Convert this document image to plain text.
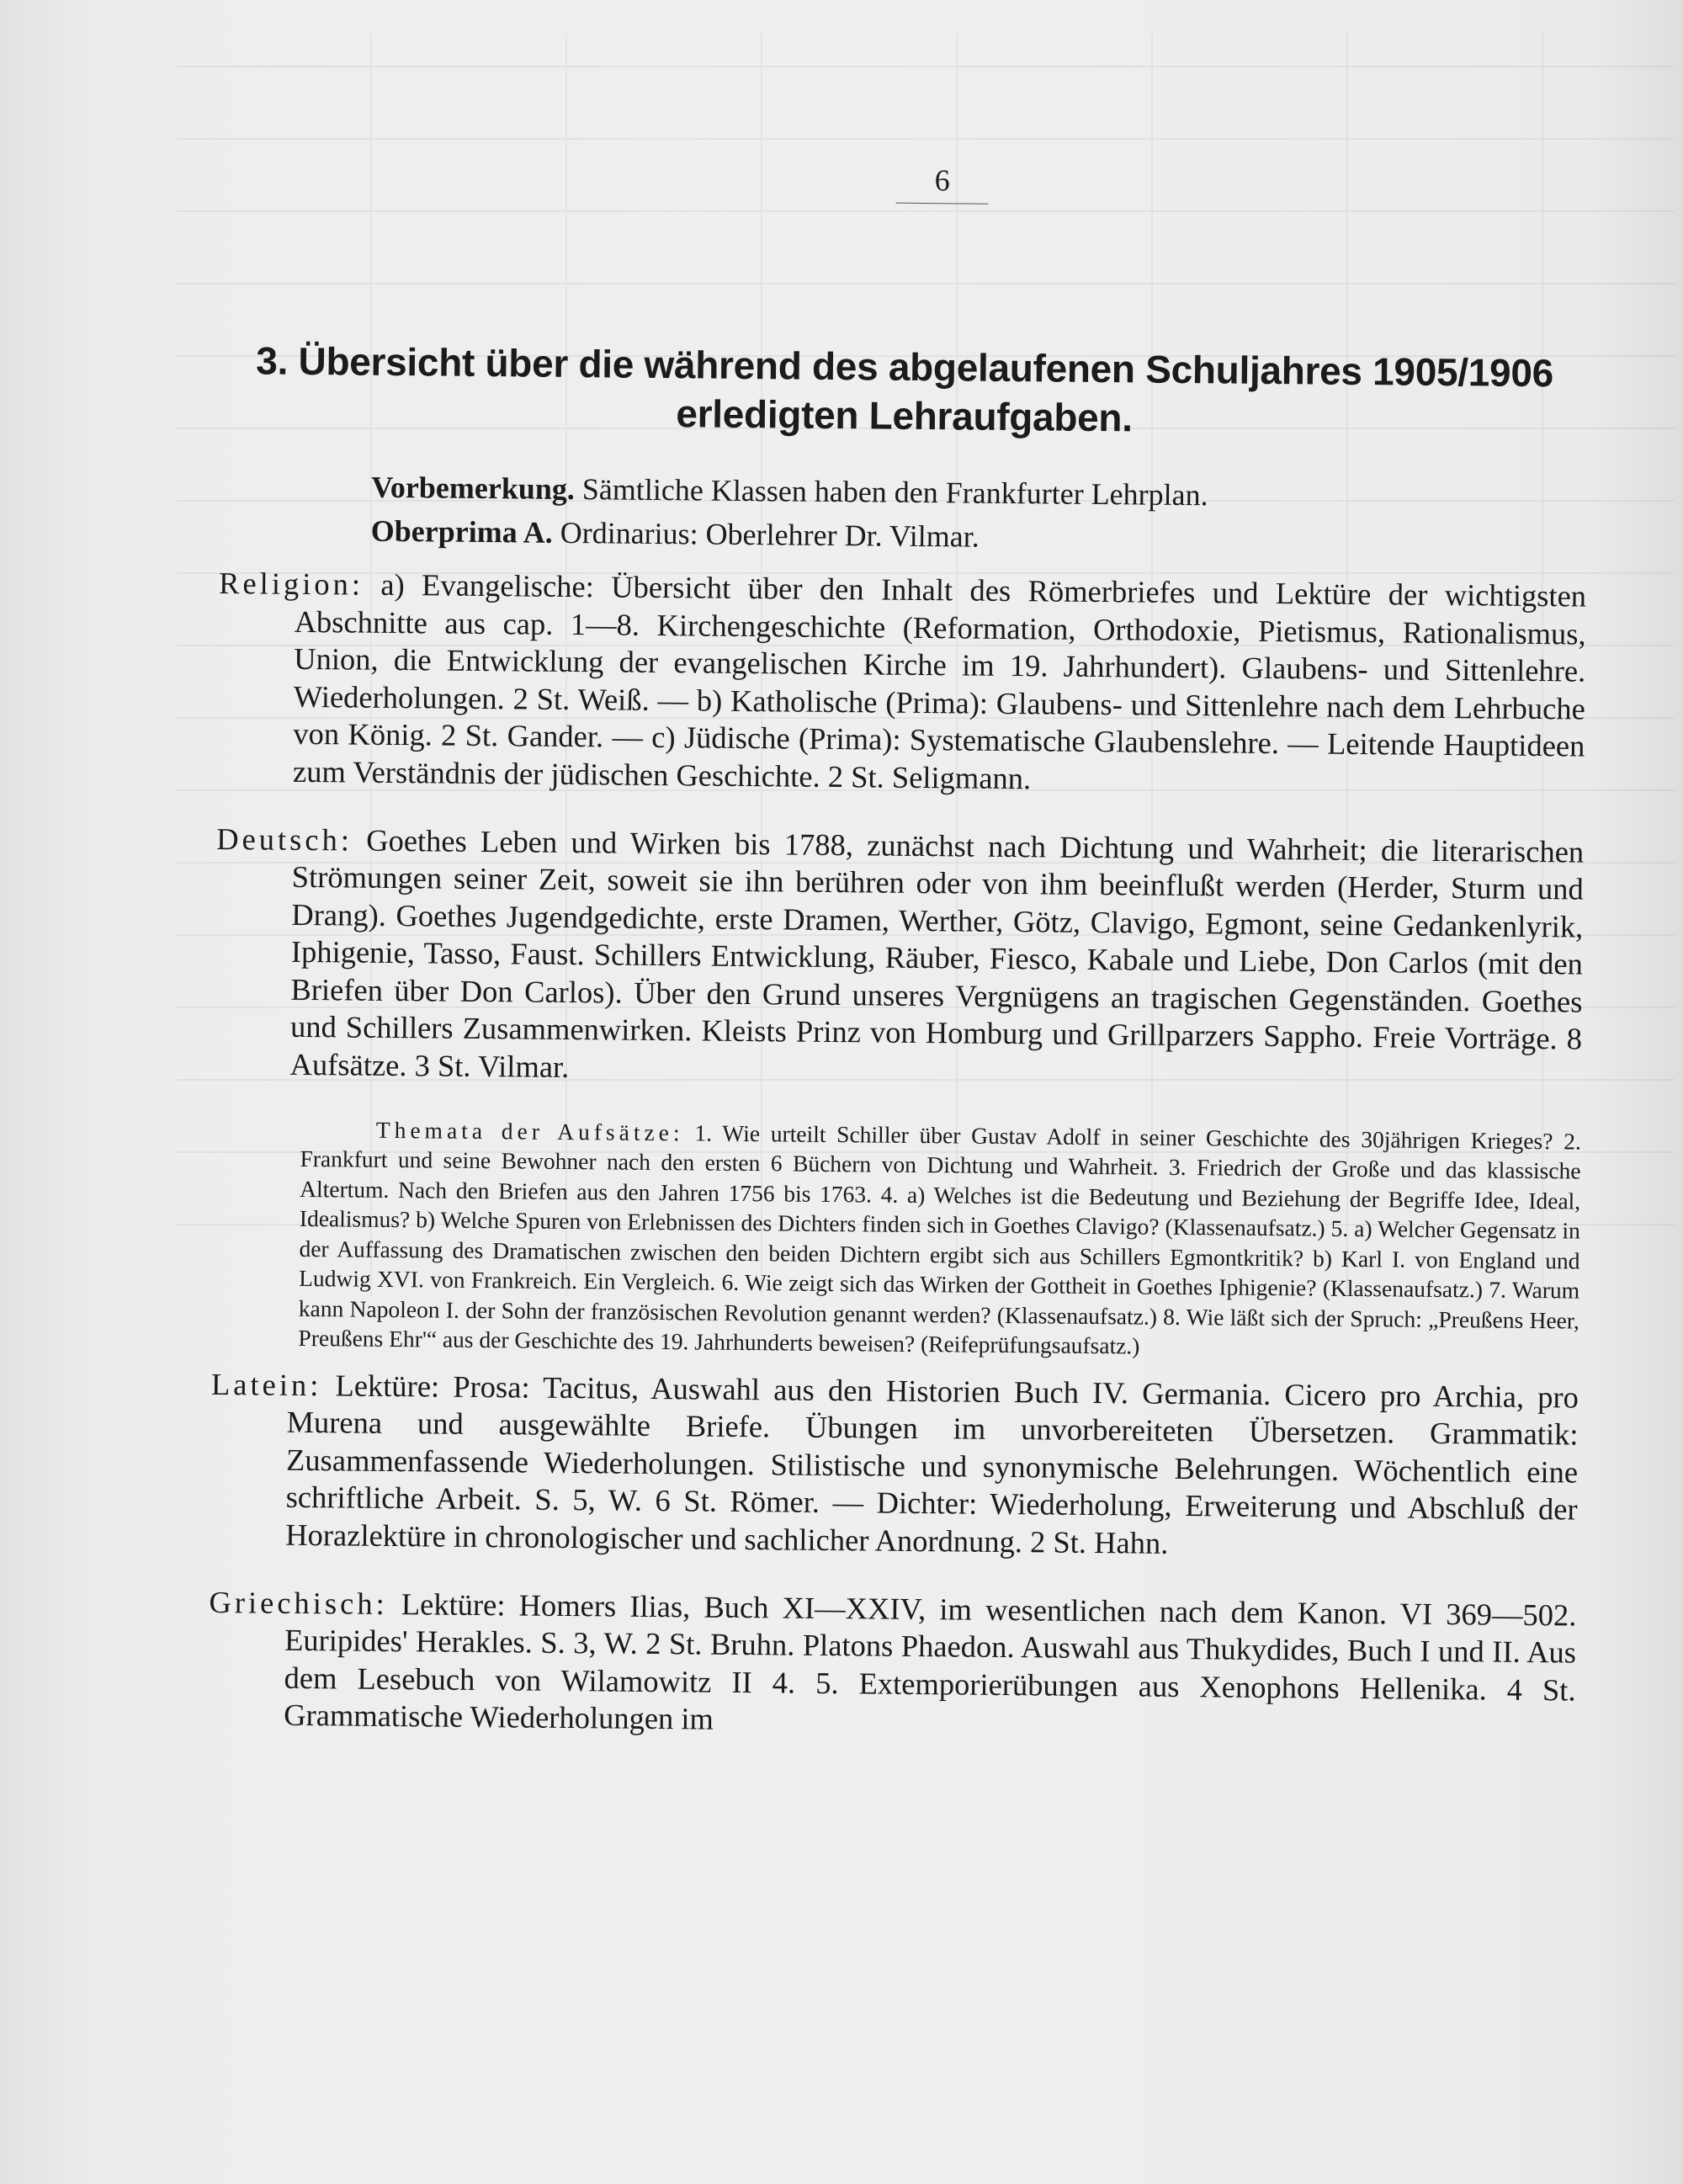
6
3. Übersicht über die während des abgelaufenen Schuljahres 1905/1906
erledigten Lehraufgaben.
Vorbemerkung. Sämtliche Klassen haben den Frankfurter Lehrplan.
Oberprima A. Ordinarius: Oberlehrer Dr. Vilmar.

Religion: a) Evangelische: Übersicht über den Inhalt des Römerbriefes und Lektüre der wichtigsten Abschnitte aus cap. 1—8. Kirchengeschichte (Reformation, Orthodoxie, Pietismus, Rationalismus, Union, die Entwicklung der evangelischen Kirche im 19. Jahrhundert). Glaubens- und Sittenlehre. Wiederholungen. 2 St. Weiß. — b) Katholische (Prima): Glaubens- und Sittenlehre nach dem Lehrbuche von König. 2 St. Gander. — c) Jüdische (Prima): Systematische Glaubenslehre. — Leitende Hauptideen zum Verständnis der jüdischen Geschichte. 2 St. Seligmann.

Deutsch: Goethes Leben und Wirken bis 1788, zunächst nach Dichtung und Wahrheit; die literarischen Strömungen seiner Zeit, soweit sie ihn berühren oder von ihm beeinflußt werden (Herder, Sturm und Drang). Goethes Jugendgedichte, erste Dramen, Werther, Götz, Clavigo, Egmont, seine Gedankenlyrik, Iphigenie, Tasso, Faust. Schillers Entwicklung, Räuber, Fiesco, Kabale und Liebe, Don Carlos (mit den Briefen über Don Carlos). Über den Grund unseres Vergnügens an tragischen Gegenständen. Goethes und Schillers Zusammenwirken. Kleists Prinz von Homburg und Grillparzers Sappho. Freie Vorträge. 8 Aufsätze. 3 St. Vilmar.

Themata der Aufsätze: 1. Wie urteilt Schiller über Gustav Adolf in seiner Geschichte des 30jährigen Krieges? 2. Frankfurt und seine Bewohner nach den ersten 6 Büchern von Dichtung und Wahrheit. 3. Friedrich der Große und das klassische Altertum. Nach den Briefen aus den Jahren 1756 bis 1763. 4. a) Welches ist die Bedeutung und Beziehung der Begriffe Idee, Ideal, Idealismus? b) Welche Spuren von Erlebnissen des Dichters finden sich in Goethes Clavigo? (Klassenaufsatz.) 5. a) Welcher Gegensatz in der Auffassung des Dramatischen zwischen den beiden Dichtern ergibt sich aus Schillers Egmontkritik? b) Karl I. von England und Ludwig XVI. von Frankreich. Ein Vergleich. 6. Wie zeigt sich das Wirken der Gottheit in Goethes Iphigenie? (Klassenaufsatz.) 7. Warum kann Napoleon I. der Sohn der französischen Revolution genannt werden? (Klassenaufsatz.) 8. Wie läßt sich der Spruch: „Preußens Heer, Preußens Ehr'“ aus der Geschichte des 19. Jahrhunderts beweisen? (Reifeprüfungsaufsatz.)

Latein: Lektüre: Prosa: Tacitus, Auswahl aus den Historien Buch IV. Germania. Cicero pro Archia, pro Murena und ausgewählte Briefe. Übungen im unvorbereiteten Übersetzen. Grammatik: Zusammenfassende Wiederholungen. Stilistische und synonymische Belehrungen. Wöchentlich eine schriftliche Arbeit. S. 5, W. 6 St. Römer. — Dichter: Wiederholung, Erweiterung und Abschluß der Horazlektüre in chronologischer und sachlicher Anordnung. 2 St. Hahn.

Griechisch: Lektüre: Homers Ilias, Buch XI—XXIV, im wesentlichen nach dem Kanon. VI 369—502. Euripides' Herakles. S. 3, W. 2 St. Bruhn. Platons Phaedon. Auswahl aus Thukydides, Buch I und II. Aus dem Lesebuch von Wilamowitz II 4. 5. Extemporierübungen aus Xenophons Hellenika. 4 St. Grammatische Wiederholungen im
